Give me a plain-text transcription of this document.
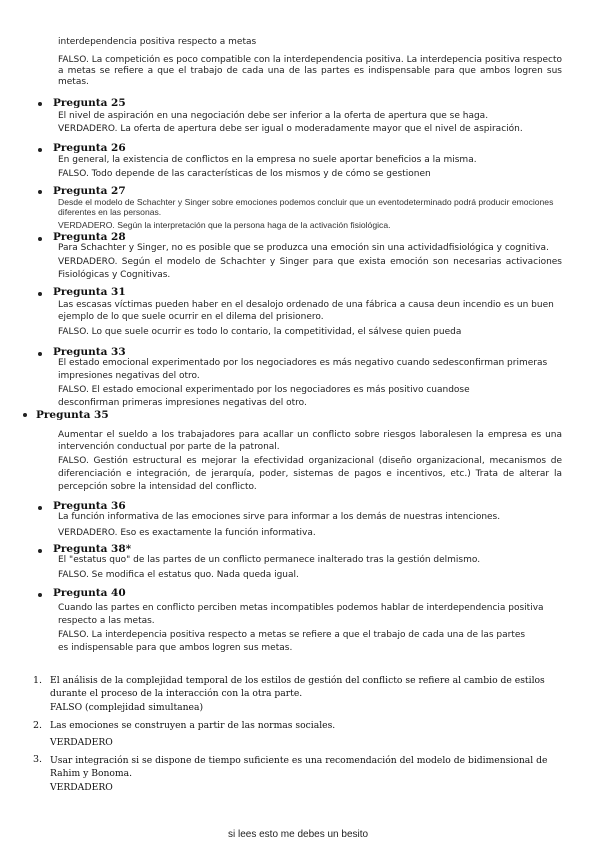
interdependencia positiva respecto a metas
FALSO. La competición es poco compatible con la interdependencia positiva. La interdepencia positiva respecto a metas se refiere a que el trabajo de cada una de las partes es indispensable para que ambos logren sus metas.
Pregunta 25
El nivel de aspiración en una negociación debe ser inferior a la oferta de apertura que se haga.
VERDADERO. La oferta de apertura debe ser igual o moderadamente mayor que el nivel de aspiración.
Pregunta 26
En general, la existencia de conflictos en la empresa no suele aportar beneficios a la misma.
FALSO. Todo depende de las características de los mismos y de cómo se gestionen
Pregunta 27
Desde el modelo de Schachter y Singer sobre emociones podemos concluir que un eventodeterminado podrá producir emociones diferentes en las personas.
VERDADERO. Según la interpretación que la persona haga de la activación fisiológica.
Pregunta 28
Para Schachter y Singer, no es posible que se produzca una emoción sin una actividadfisiológica y cognitiva.
VERDADERO. Según el modelo de Schachter y Singer para que exista emoción son necesarias activaciones Fisiológicas y Cognitivas.
Pregunta 31
Las escasas víctimas pueden haber en el desalojo ordenado de una fábrica a causa deun incendio es un buen ejemplo de lo que suele ocurrir en el dilema del prisionero.
FALSO. Lo que suele ocurrir es todo lo contario, la competitividad, el sálvese quien pueda
Pregunta 33
El estado emocional experimentado por los negociadores es más negativo cuando sedesconfirman primeras impresiones negativas del otro.
FALSO. El estado emocional experimentado por los negociadores es más positivo cuandose desconfirman primeras impresiones negativas del otro.
Pregunta 35
Aumentar el sueldo a los trabajadores para acallar un conflicto sobre riesgos laboralesen la empresa es una intervención conductual por parte de la patronal.
FALSO. Gestión estructural es mejorar la efectividad organizacional (diseño organizacional, mecanismos de diferenciación e integración, de jerarquía, poder, sistemas de pagos e incentivos, etc.) Trata de alterar la percepción sobre la intensidad del conflicto.
Pregunta 36
La función informativa de las emociones sirve para informar a los demás de nuestras intenciones.
VERDADERO. Eso es exactamente la función informativa.
Pregunta 38*
El "estatus quo" de las partes de un conflicto permanece inalterado tras la gestión delmismo.
FALSO. Se modifica el estatus quo. Nada queda igual.
Pregunta 40
Cuando las partes en conflicto perciben metas incompatibles podemos hablar de interdependencia positiva respecto a las metas.
FALSO. La interdepencia positiva respecto a metas se refiere a que el trabajo de cada una de las partes es indispensable para que ambos logren sus metas.
1. El análisis de la complejidad temporal de los estilos de gestión del conflicto se refiere al cambio de estilos durante el proceso de la interacción con la otra parte.
FALSO (complejidad simultanea)
2. Las emociones se construyen a partir de las normas sociales.
VERDADERO
3. Usar integración si se dispone de tiempo suficiente es una recomendación del modelo de bidimensional de Rahim y Bonoma.
VERDADERO
si lees esto me debes un besito
